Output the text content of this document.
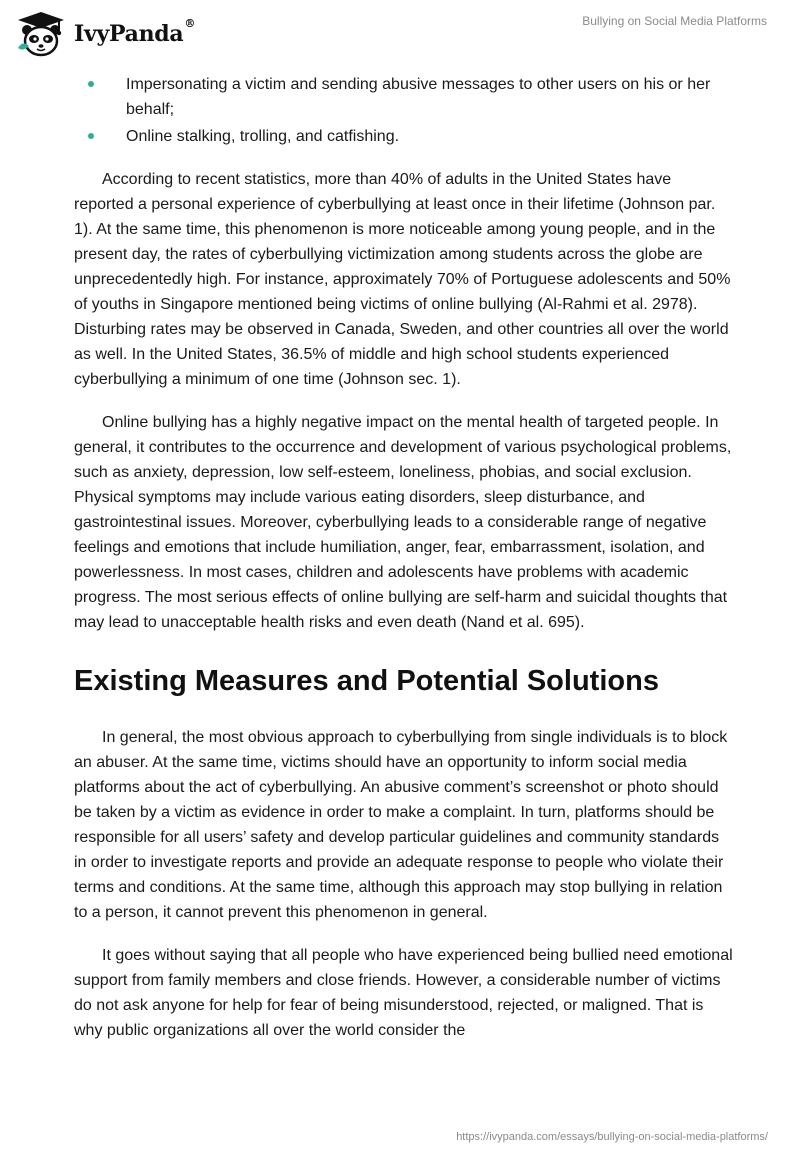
IvyPanda®	Bullying on Social Media Platforms
Impersonating a victim and sending abusive messages to other users on his or her behalf;
Online stalking, trolling, and catfishing.

According to recent statistics, more than 40% of adults in the United States have reported a personal experience of cyberbullying at least once in their lifetime (Johnson par. 1). At the same time, this phenomenon is more noticeable among young people, and in the present day, the rates of cyberbullying victimization among students across the globe are unprecedentedly high. For instance, approximately 70% of Portuguese adolescents and 50% of youths in Singapore mentioned being victims of online bullying (Al-Rahmi et al. 2978). Disturbing rates may be observed in Canada, Sweden, and other countries all over the world as well. In the United States, 36.5% of middle and high school students experienced cyberbullying a minimum of one time (Johnson sec. 1).

Online bullying has a highly negative impact on the mental health of targeted people. In general, it contributes to the occurrence and development of various psychological problems, such as anxiety, depression, low self-esteem, loneliness, phobias, and social exclusion. Physical symptoms may include various eating disorders, sleep disturbance, and gastrointestinal issues. Moreover, cyberbullying leads to a considerable range of negative feelings and emotions that include humiliation, anger, fear, embarrassment, isolation, and powerlessness. In most cases, children and adolescents have problems with academic progress. The most serious effects of online bullying are self-harm and suicidal thoughts that may lead to unacceptable health risks and even death (Nand et al. 695).

Existing Measures and Potential Solutions

In general, the most obvious approach to cyberbullying from single individuals is to block an abuser. At the same time, victims should have an opportunity to inform social media platforms about the act of cyberbullying. An abusive comment’s screenshot or photo should be taken by a victim as evidence in order to make a complaint. In turn, platforms should be responsible for all users’ safety and develop particular guidelines and community standards in order to investigate reports and provide an adequate response to people who violate their terms and conditions. At the same time, although this approach may stop bullying in relation to a person, it cannot prevent this phenomenon in general.

It goes without saying that all people who have experienced being bullied need emotional support from family members and close friends. However, a considerable number of victims do not ask anyone for help for fear of being misunderstood, rejected, or maligned. That is why public organizations all over the world consider the

https://ivypanda.com/essays/bullying-on-social-media-platforms/
